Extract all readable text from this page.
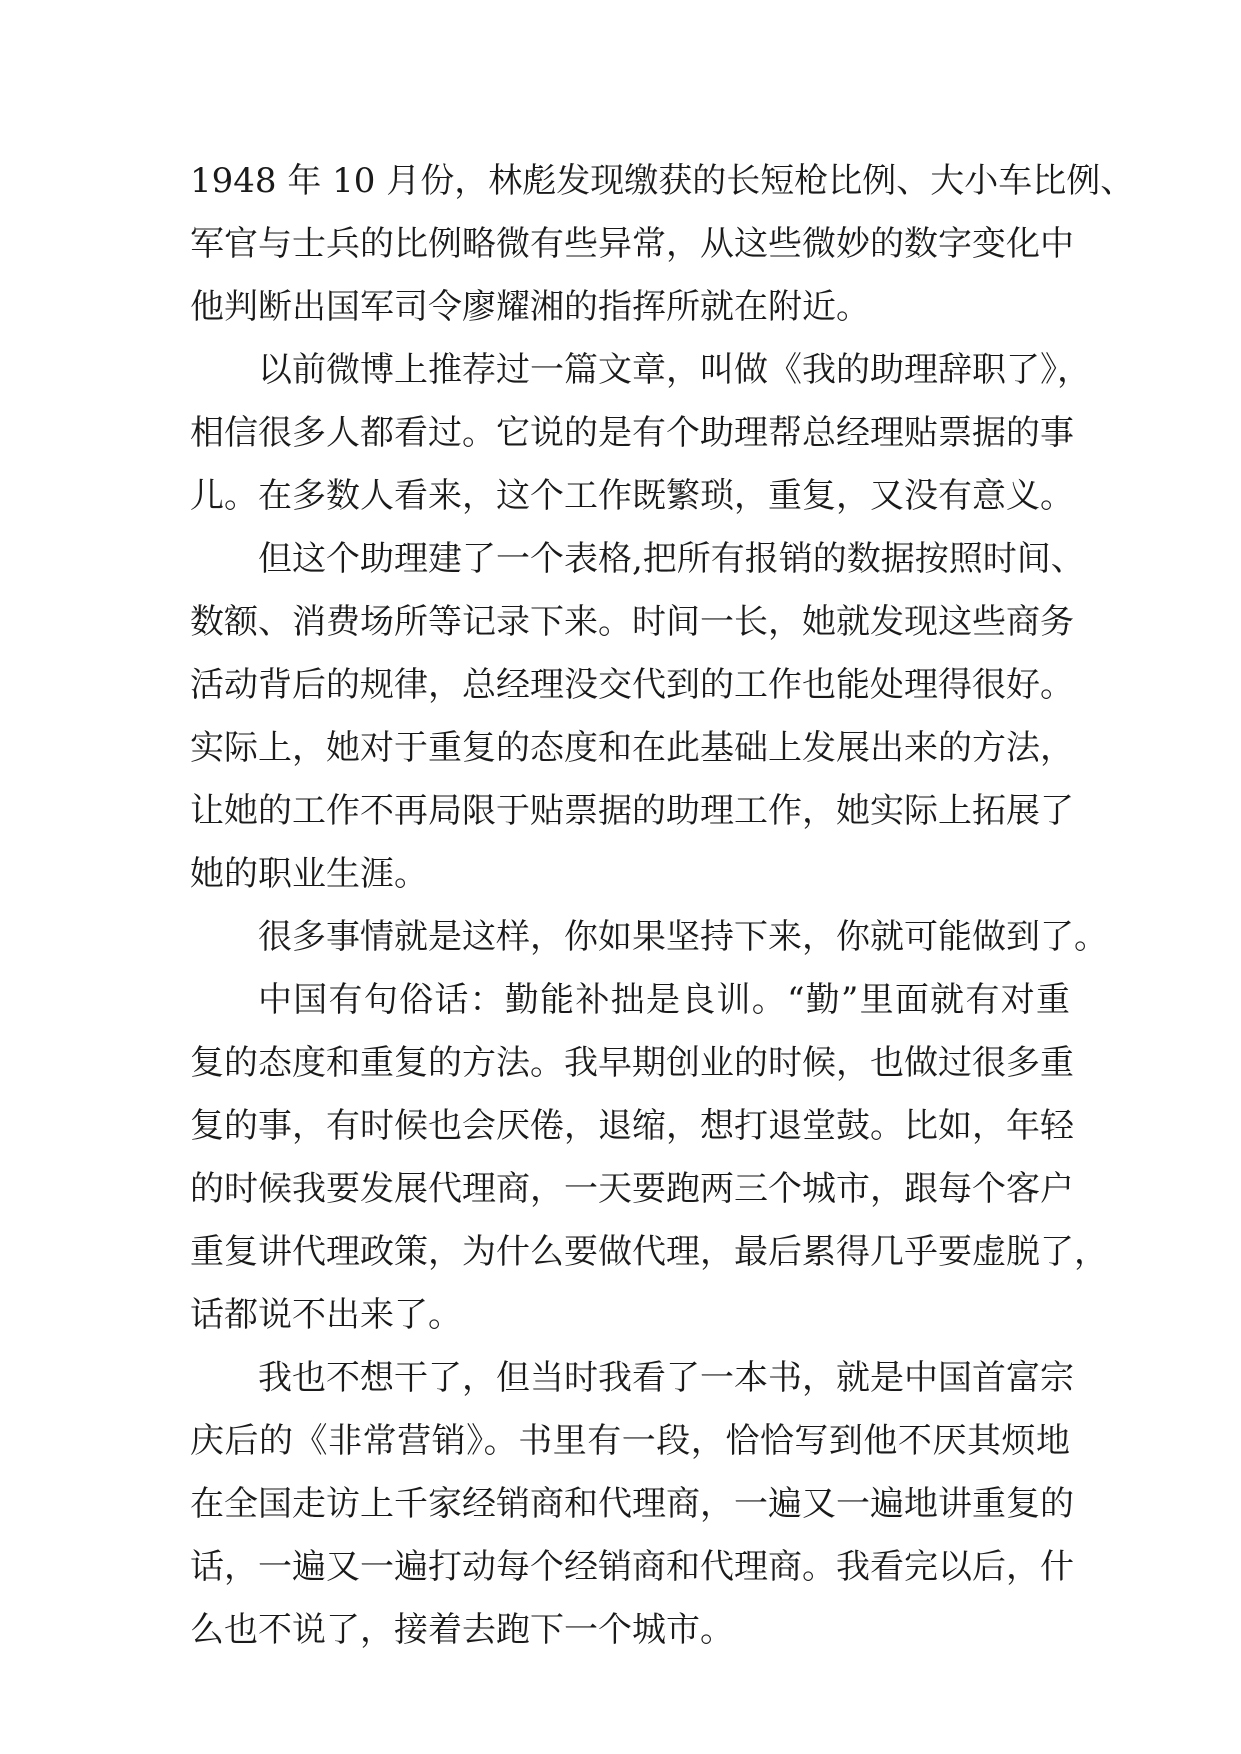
1948 年 10 月份，林彪发现缴获的长短枪比例、大小车比例、
军官与士兵的比例略微有些异常，从这些微妙的数字变化中
他判断出国军司令廖耀湘的指挥所就在附近。
以前微博上推荐过一篇文章，叫做《我的助理辞职了》，
相信很多人都看过。它说的是有个助理帮总经理贴票据的事
儿。在多数人看来，这个工作既繁琐，重复，又没有意义。
但这个助理建了一个表格,把所有报销的数据按照时间、
数额、消费场所等记录下来。时间一长，她就发现这些商务
活动背后的规律，总经理没交代到的工作也能处理得很好。
实际上，她对于重复的态度和在此基础上发展出来的方法，
让她的工作不再局限于贴票据的助理工作，她实际上拓展了
她的职业生涯。
很多事情就是这样，你如果坚持下来，你就可能做到了。
中国有句俗话：勤能补拙是良训。“勤”里面就有对重
复的态度和重复的方法。我早期创业的时候，也做过很多重
复的事，有时候也会厌倦，退缩，想打退堂鼓。比如，年轻
的时候我要发展代理商，一天要跑两三个城市，跟每个客户
重复讲代理政策，为什么要做代理，最后累得几乎要虚脱了，
话都说不出来了。
我也不想干了，但当时我看了一本书，就是中国首富宗
庆后的《非常营销》。书里有一段，恰恰写到他不厌其烦地
在全国走访上千家经销商和代理商，一遍又一遍地讲重复的
话，一遍又一遍打动每个经销商和代理商。我看完以后，什
么也不说了，接着去跑下一个城市。
